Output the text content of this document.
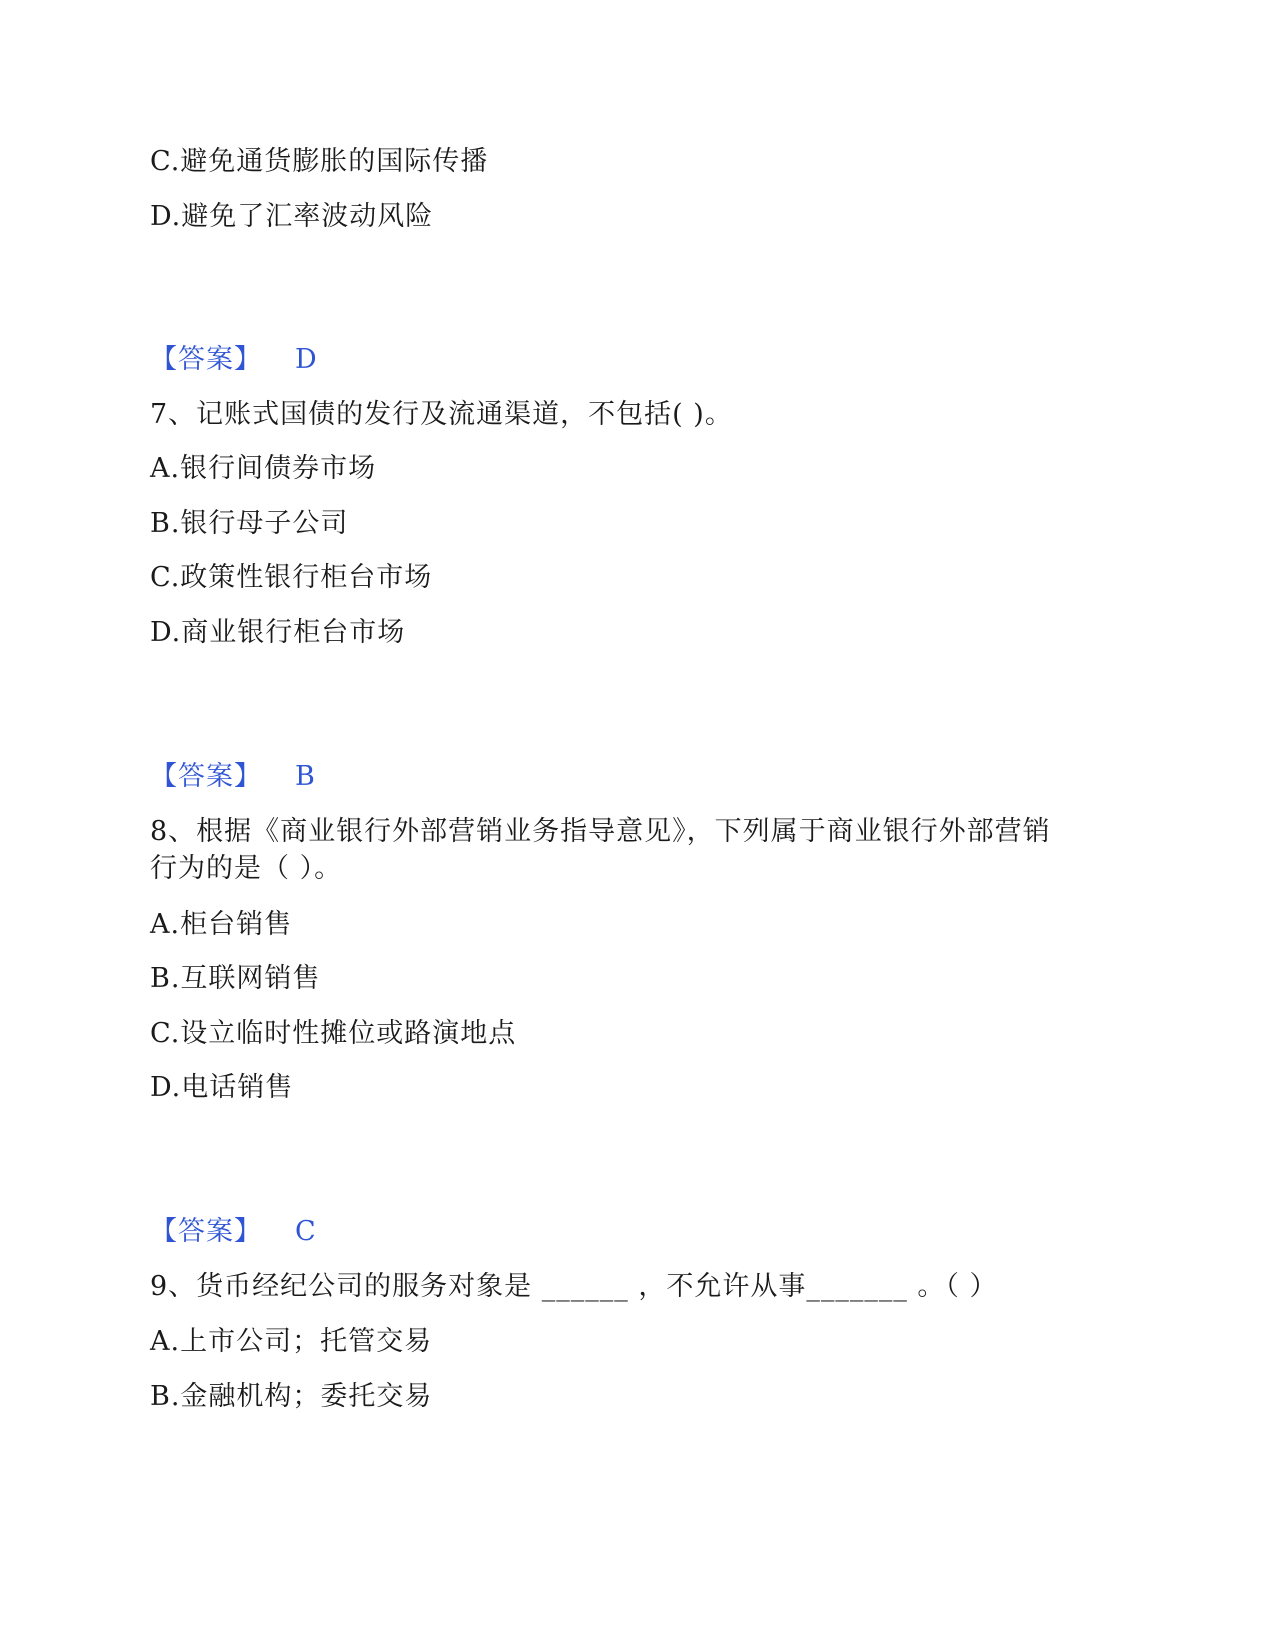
C.避免通货膨胀的国际传播
D.避免了汇率波动风险
【答案】 D
7、记账式国债的发行及流通渠道，不包括( )。
A.银行间债券市场
B.银行母子公司
C.政策性银行柜台市场
D.商业银行柜台市场
【答案】 B
8、根据《商业银行外部营销业务指导意见》，下列属于商业银行外部营销
行为的是（ ）。
A.柜台销售
B.互联网销售
C.设立临时性摊位或路演地点
D.电话销售
【答案】 C
9、货币经纪公司的服务对象是 ______ ，不允许从事_______ 。（ ）
A.上市公司；托管交易
B.金融机构；委托交易
